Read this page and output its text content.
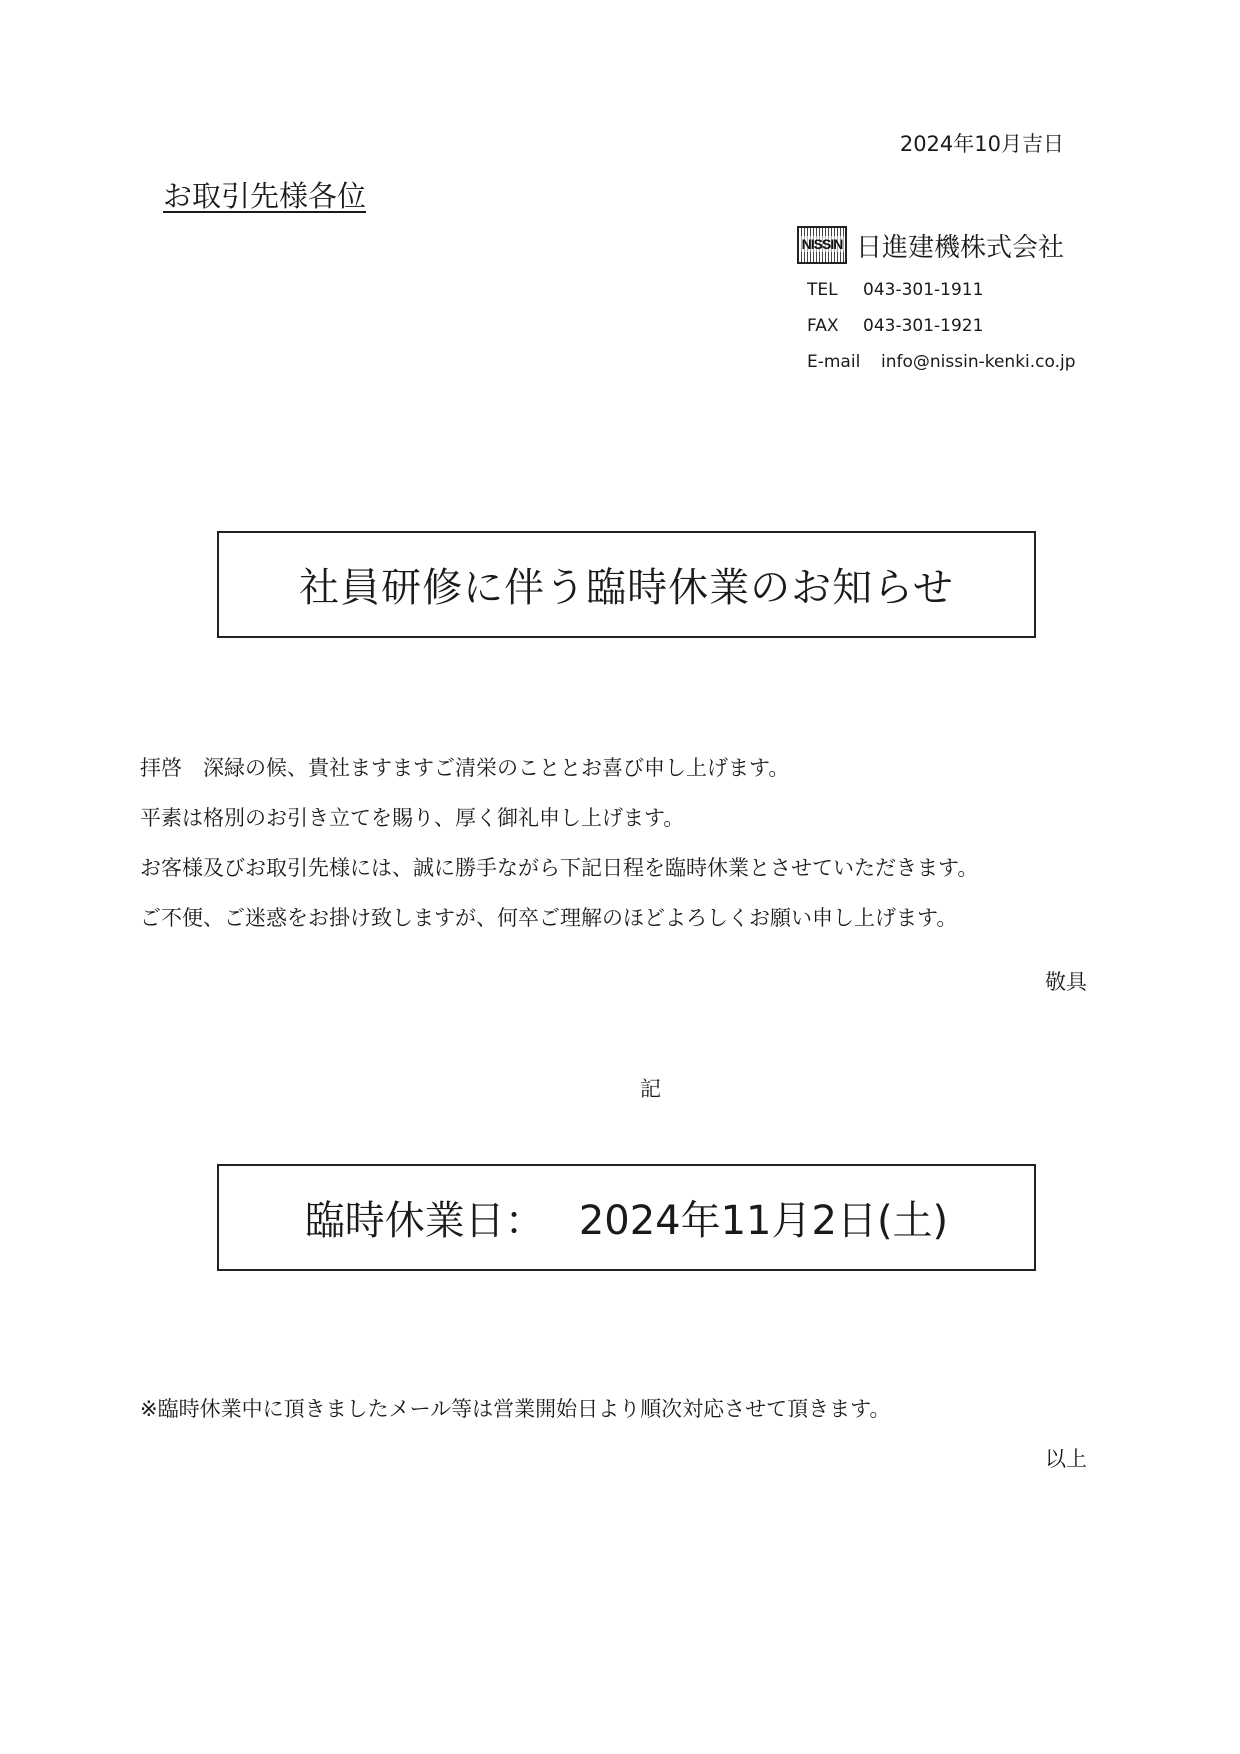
2024年10月吉日
お取引先様各位
NISSIN 日進建機株式会社
TEL 043-301-1911
FAX 043-301-1921
E-mail info@nissin-kenki.co.jp
社員研修に伴う臨時休業のお知らせ
拝啓　深緑の候、貴社ますますご清栄のこととお喜び申し上げます。
平素は格別のお引き立てを賜り、厚く御礼申し上げます。
お客様及びお取引先様には、誠に勝手ながら下記日程を臨時休業とさせていただきます。
ご不便、ご迷惑をお掛け致しますが、何卒ご理解のほどよろしくお願い申し上げます。
敬具
記
臨時休業日： 2024年11月2日(土)
※臨時休業中に頂きましたメール等は営業開始日より順次対応させて頂きます。
以上
